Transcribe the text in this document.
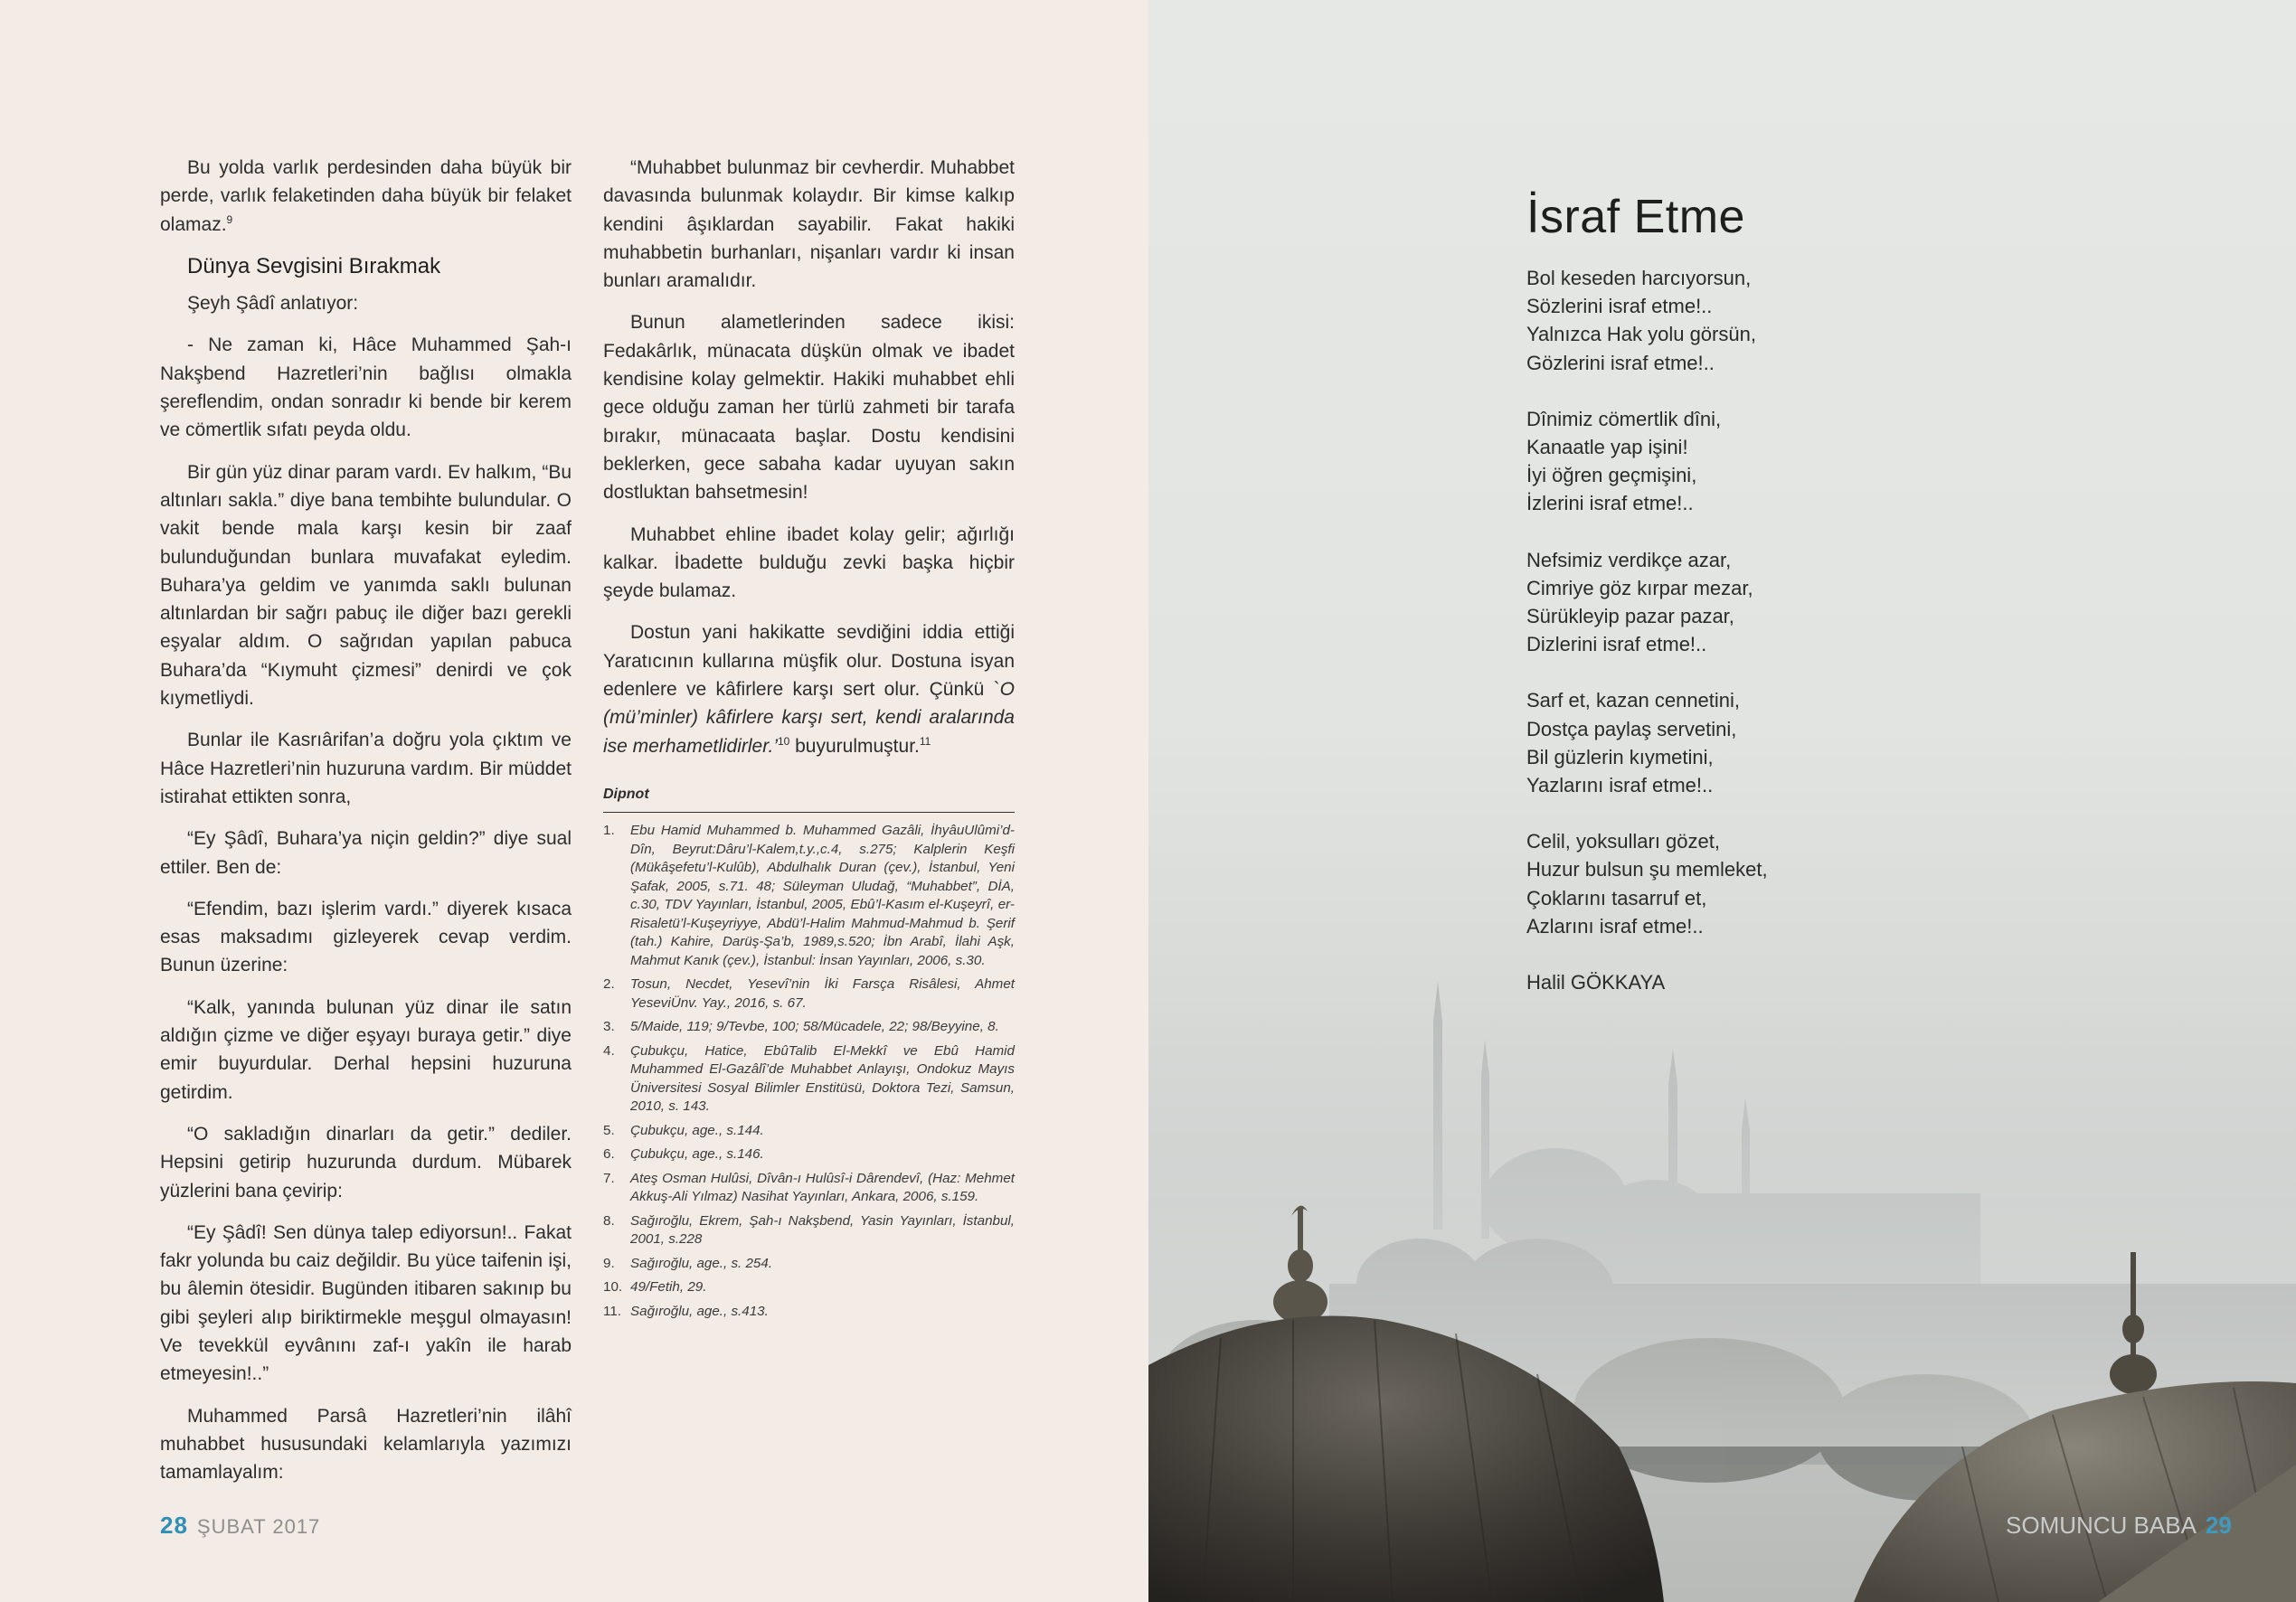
Bu yolda varlık perdesinden daha büyük bir perde, varlık felaketinden daha büyük bir felaket olamaz.$^9$

Dünya Sevgisini Bırakmak

Şeyh Şâdî anlatıyor:

- Ne zaman ki, Hâce Muhammed Şah-ı Nakşbend Hazretleri’nin bağlısı olmakla şereflendim, ondan sonradır ki bende bir kerem ve cömertlik sıfatı peyda oldu.

Bir gün yüz dinar param vardı. Ev halkım, “Bu altınları sakla.” diye bana tembihte bulundular. O vakit bende mala karşı kesin bir zaaf bulunduğundan bunlara muvafakat eyledim. Buhara’ya geldim ve yanımda saklı bulunan altınlardan bir sağrı pabuç ile diğer bazı gerekli eşyalar aldım. O sağrıdan yapılan pabuca Buhara’da “Kıymuht çizmesi” denirdi ve çok kıymetliydi.

Bunlar ile Kasrıârifan’a doğru yola çıktım ve Hâce Hazretleri’nin huzuruna vardım. Bir müddet istirahat ettikten sonra,

“Ey Şâdî, Buhara’ya niçin geldin?” diye sual ettiler. Ben de:

“Efendim, bazı işlerim vardı.” diyerek kısaca esas maksadımı gizleyerek cevap verdim. Bunun üzerine:

“Kalk, yanında bulunan yüz dinar ile satın aldığın çizme ve diğer eşyayı buraya getir.” diye emir buyurdular. Derhal hepsini huzuruna getirdim.

“O sakladığın dinarları da getir.” dediler. Hepsini getirip huzurunda durdum. Mübarek yüzlerini bana çevirip:

“Ey Şâdî! Sen dünya talep ediyorsun!.. Fakat fakr yolunda bu caiz değildir. Bu yüce taifenin işi, bu âlemin ötesidir. Bugünden itibaren sakınıp bu gibi şeyleri alıp biriktirmekle meşgul olmayasın! Ve tevekkül eyvânını zaf-ı yakîn ile harab etmeyesin!..”

Muhammed Parsâ Hazretleri’nin ilâhî muhabbet hususundaki kelamlarıyla yazımızı tamamlayalım:

“Muhabbet bulunmaz bir cevherdir. Muhabbet davasında bulunmak kolaydır. Bir kimse kalkıp kendini âşıklardan sayabilir. Fakat hakiki muhabbetin burhanları, nişanları vardır ki insan bunları aramalıdır.

Bunun alametlerinden sadece ikisi: Fedakârlık, münacata düşkün olmak ve ibadet kendisine kolay gelmektir. Hakiki muhabbet ehli gece olduğu zaman her türlü zahmeti bir tarafa bırakır, münacaata başlar. Dostu kendisini beklerken, gece sabaha kadar uyuyan sakın dostluktan bahsetmesin!

Muhabbet ehline ibadet kolay gelir; ağırlığı kalkar. İbadette bulduğu zevki başka hiçbir şeyde bulamaz.

Dostun yani hakikatte sevdiğini iddia ettiği Yaratıcının kullarına müşfik olur. Dostuna isyan edenlere ve kâfirlere karşı sert olur. Çünkü `O (mü’minler) kâfirlere karşı sert, kendi aralarında ise merhametlidirler.’$^{10}$ buyurulmuştur.$^{11}$

Dipnot
1. Ebu Hamid Muhammed b. Muhammed Gazâli, İhyâuUlûmi’d-Dîn, Beyrut:Dâru’l-Kalem,t.y.,c.4, s.275; Kalplerin Keşfi (Mükâşefetu’l-Kulûb), Abdulhalık Duran (çev.), İstanbul, Yeni Şafak, 2005, s.71. 48; Süleyman Uludağ, “Muhabbet”, DİA, c.30, TDV Yayınları, İstanbul, 2005, Ebû’l-Kasım el-Kuşeyrî, er-Risaletü’l-Kuşeyriyye, Abdü’l-Halim Mahmud-Mahmud b. Şerif (tah.) Kahire, Darüş-Şa’b, 1989,s.520; İbn Arabî, İlahi Aşk, Mahmut Kanık (çev.), İstanbul: İnsan Yayınları, 2006, s.30.
2. Tosun, Necdet, Yesevî’nin İki Farsça Risâlesi, Ahmet YeseviÜnv. Yay., 2016, s. 67.
3. 5/Maide, 119; 9/Tevbe, 100; 58/Mücadele, 22; 98/Beyyine, 8.
4. Çubukçu, Hatice, EbûTalib El-Mekkî ve Ebû Hamid Muhammed El-Gazâlî’de Muhabbet Anlayışı, Ondokuz Mayıs Üniversitesi Sosyal Bilimler Enstitüsü, Doktora Tezi, Samsun, 2010, s. 143.
5. Çubukçu, age., s.144.
6. Çubukçu, age., s.146.
7. Ateş Osman Hulûsi, Dîvân-ı Hulûsî-i Dârendevî, (Haz: Mehmet Akkuş-Ali Yılmaz) Nasihat Yayınları, Ankara, 2006, s.159.
8. Sağıroğlu, Ekrem, Şah-ı Nakşbend, Yasin Yayınları, İstanbul, 2001, s.228
9. Sağıroğlu, age., s. 254.
10. 49/Fetih, 29.
11. Sağıroğlu, age., s.413.
28 ŞUBAT 2017
İsraf Etme
Bol keseden harcıyorsun,
Sözlerini israf etme!..
Yalnızca Hak yolu görsün,
Gözlerini israf etme!..
Dînimiz cömertlik dîni,
Kanaatle yap işini!
İyi öğren geçmişini,
İzlerini israf etme!..
Nefsimiz verdikçe azar,
Cimriye göz kırpar mezar,
Sürükleyip pazar pazar,
Dizlerini israf etme!..
Sarf et, kazan cennetini,
Dostça paylaş servetini,
Bil güzlerin kıymetini,
Yazlarını israf etme!..
Celil, yoksulları gözet,
Huzur bulsun şu memleket,
Çoklarını tasarruf et,
Azlarını israf etme!..
Halil GÖKKAYA
SOMUNCU BABA 29
